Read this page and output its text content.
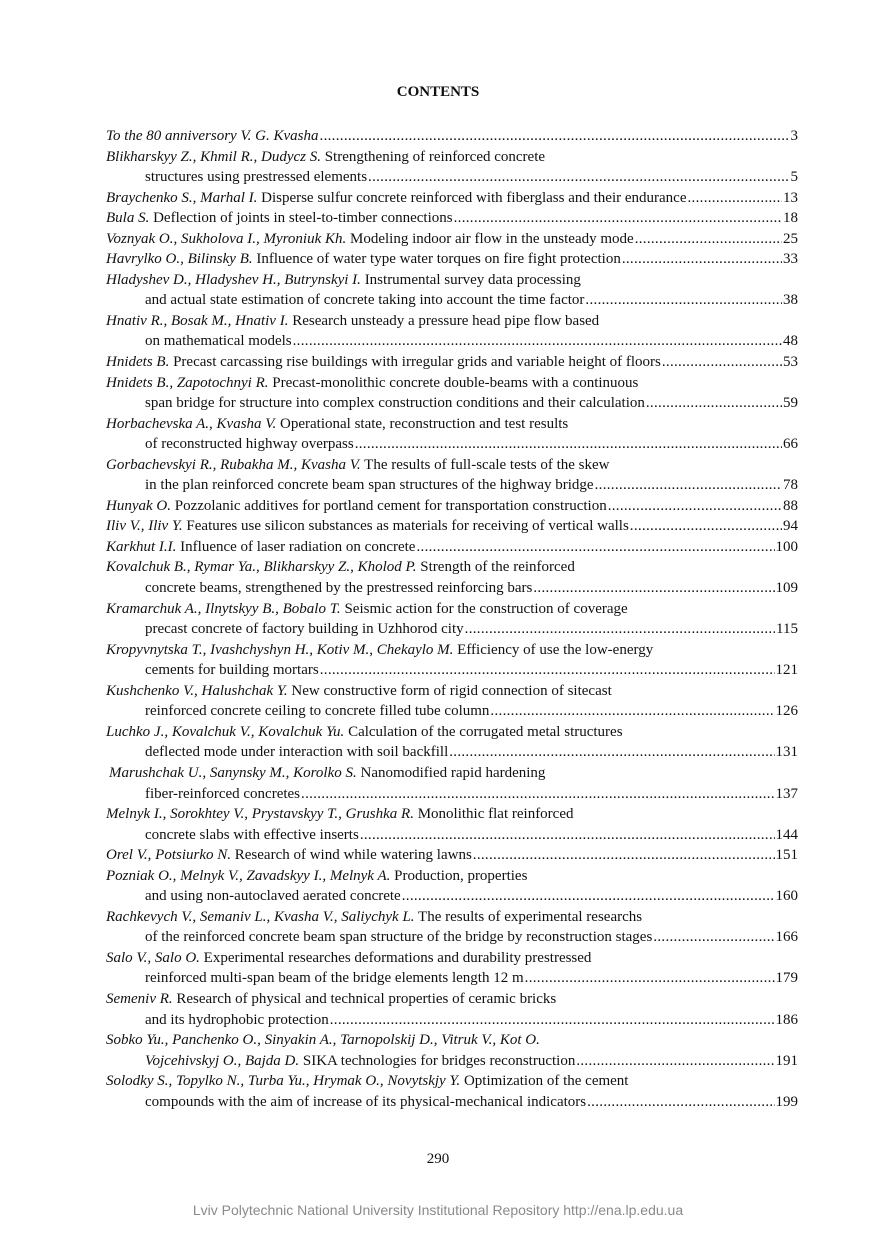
CONTENTS
To the 80 anniversory V. G. Kvasha .....	3
Blikharskyy Z., Khmil R., Dudycz S. Strengthening of reinforced concrete
structures using prestressed elements .....	5
Braychenko S., Marhal I. Disperse sulfur concrete reinforced with fiberglass and their endurance .....	13
Bula S. Deflection of joints in steel-to-timber connections .....	18
Voznyak O., Sukholova I., Myroniuk Kh. Modeling indoor air flow in the unsteady mode .....	25
Havrylko O., Bilinsky B. Influence of water type water torques on fire fight protection .....	33
Hladyshev D., Hladyshev H., Butrynskyi I. Instrumental survey data processing
and actual state estimation of concrete taking into account the time factor .....	38
Hnativ R., Bosak M., Hnativ I. Research unsteady a pressure head pipe flow based
on mathematical models .....	48
Hnidets B. Precast carcassing rise buildings with irregular grids and variable height of floors .....	53
Hnidets B., Zapotochnyi R. Precast-monolithic concrete double-beams with a continuous
span bridge for structure into complex construction conditions and their calculation .....	59
Horbachevska A., Kvasha V. Operational state, reconstruction and test results
of reconstructed highway overpass .....	66
Gorbachevskyi R., Rubakha M., Kvasha V. The results of full-scale tests of the skew
in the plan reinforced concrete beam span structures of the highway bridge .....	78
Hunyak O. Pozzolanic additives for portland cement for transportation construction .....	88
Iliv V., Iliv Y. Features use silicon substances as materials for receiving of vertical walls .....	94
Karkhut I.I. Influence of laser radiation on concrete .....	100
Kovalchuk B., Rymar Ya., Blikharskyy Z., Kholod P. Strength of the reinforced
concrete beams, strengthened by the prestressed reinforcing bars .....	109
Kramarchuk A., Ilnytskyy B., Bobalo T. Seismic action for the construction of coverage
precast concrete of factory building in Uzhhorod city .....	115
Kropyvnytska T., Ivashchyshyn H., Kotiv M., Chekaylo M. Efficiency of use the low-energy
cements for building mortars .....	121
Kushchenko V., Halushchak Y. New constructive form of rigid connection of sitecast
reinforced concrete ceiling to concrete filled tube column .....	126
Luchko J., Kovalchuk V., Kovalchuk Yu. Calculation of the corrugated metal structures
deflected mode under interaction with soil backfill .....	131
Marushchak U., Sanynsky M., Korolko S. Nanomodified rapid hardening
fiber-reinforced concretes .....	137
Melnyk I., Sorokhtey V., Prystavskyy T., Grushka R. Monolithic flat reinforced
concrete slabs with effective inserts .....	144
Orel V., Potsiurko N. Research of wind while watering lawns .....	151
Pozniak O., Melnyk V., Zavadskyy I., Melnyk A. Production, properties
and using non-autoclaved aerated concrete .....	160
Rachkevych V., Semaniv L., Kvasha V., Saliychyk L. The results of experimental researchs
of the reinforced concrete beam span structure of the bridge by reconstruction stages .....	166
Salo V., Salo O. Experimental researches deformations and durability prestressed
reinforced multi-span beam of the bridge elements length 12 m .....	179
Semeniv R. Research of physical and technical properties of ceramic bricks
and its hydrophobic protection .....	186
Sobko Yu., Panchenko O., Sinyakin A., Tarnopolskij D., Vitruk V., Kot O.
Vojcehivskyj O., Bajda D. SIKA technologies for bridges reconstruction .....	191
Solodky S., Topylko N., Turba Yu., Hrymak O., Novytskjy Y. Optimization of the cement
compounds with the aim of increase of its physical-mechanical indicators .....	199
290
Lviv Polytechnic National University Institutional Repository http://ena.lp.edu.ua
